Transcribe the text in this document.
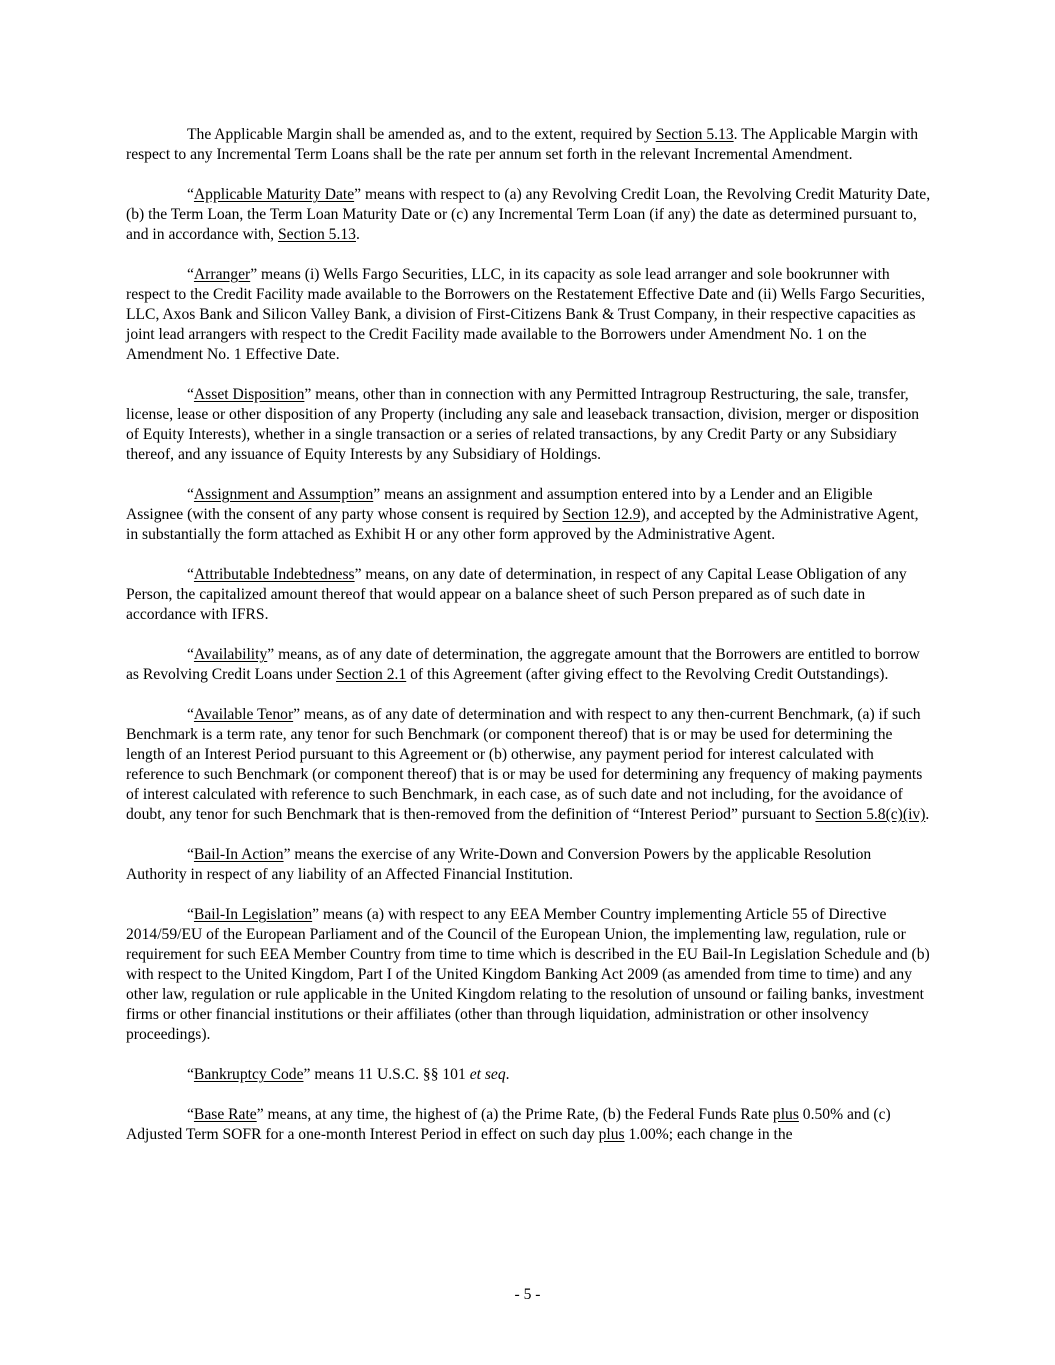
The Applicable Margin shall be amended as, and to the extent, required by Section 5.13. The Applicable Margin with respect to any Incremental Term Loans shall be the rate per annum set forth in the relevant Incremental Amendment.

“Applicable Maturity Date” means with respect to (a) any Revolving Credit Loan, the Revolving Credit Maturity Date, (b) the Term Loan, the Term Loan Maturity Date or (c) any Incremental Term Loan (if any) the date as determined pursuant to, and in accordance with, Section 5.13.

“Arranger” means (i) Wells Fargo Securities, LLC, in its capacity as sole lead arranger and sole bookrunner with respect to the Credit Facility made available to the Borrowers on the Restatement Effective Date and (ii) Wells Fargo Securities, LLC, Axos Bank and Silicon Valley Bank, a division of First-Citizens Bank & Trust Company, in their respective capacities as joint lead arrangers with respect to the Credit Facility made available to the Borrowers under Amendment No. 1 on the Amendment No. 1 Effective Date.

“Asset Disposition” means, other than in connection with any Permitted Intragroup Restructuring, the sale, transfer, license, lease or other disposition of any Property (including any sale and leaseback transaction, division, merger or disposition of Equity Interests), whether in a single transaction or a series of related transactions, by any Credit Party or any Subsidiary thereof, and any issuance of Equity Interests by any Subsidiary of Holdings.

“Assignment and Assumption” means an assignment and assumption entered into by a Lender and an Eligible Assignee (with the consent of any party whose consent is required by Section 12.9), and accepted by the Administrative Agent, in substantially the form attached as Exhibit H or any other form approved by the Administrative Agent.

“Attributable Indebtedness” means, on any date of determination, in respect of any Capital Lease Obligation of any Person, the capitalized amount thereof that would appear on a balance sheet of such Person prepared as of such date in accordance with IFRS.

“Availability” means, as of any date of determination, the aggregate amount that the Borrowers are entitled to borrow as Revolving Credit Loans under Section 2.1 of this Agreement (after giving effect to the Revolving Credit Outstandings).

“Available Tenor” means, as of any date of determination and with respect to any then-current Benchmark, (a) if such Benchmark is a term rate, any tenor for such Benchmark (or component thereof) that is or may be used for determining the length of an Interest Period pursuant to this Agreement or (b) otherwise, any payment period for interest calculated with reference to such Benchmark (or component thereof) that is or may be used for determining any frequency of making payments of interest calculated with reference to such Benchmark, in each case, as of such date and not including, for the avoidance of doubt, any tenor for such Benchmark that is then-removed from the definition of “Interest Period” pursuant to Section 5.8(c)(iv).

“Bail-In Action” means the exercise of any Write-Down and Conversion Powers by the applicable Resolution Authority in respect of any liability of an Affected Financial Institution.

“Bail-In Legislation” means (a) with respect to any EEA Member Country implementing Article 55 of Directive 2014/59/EU of the European Parliament and of the Council of the European Union, the implementing law, regulation, rule or requirement for such EEA Member Country from time to time which is described in the EU Bail-In Legislation Schedule and (b) with respect to the United Kingdom, Part I of the United Kingdom Banking Act 2009 (as amended from time to time) and any other law, regulation or rule applicable in the United Kingdom relating to the resolution of unsound or failing banks, investment firms or other financial institutions or their affiliates (other than through liquidation, administration or other insolvency proceedings).

“Bankruptcy Code” means 11 U.S.C. §§ 101 et seq.

“Base Rate” means, at any time, the highest of (a) the Prime Rate, (b) the Federal Funds Rate plus 0.50% and (c) Adjusted Term SOFR for a one-month Interest Period in effect on such day plus 1.00%; each change in the

- 5 -
